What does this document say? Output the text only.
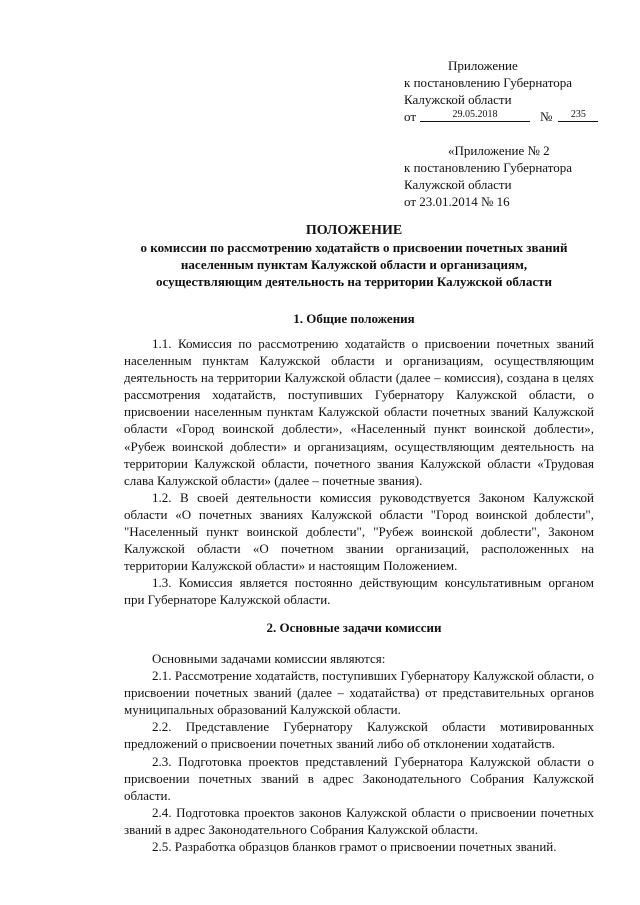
Приложение
к постановлению Губернатора
Калужской области
от	29.05.2018	№	235
«Приложение № 2
к постановлению Губернатора
Калужской области
от 23.01.2014 № 16
ПОЛОЖЕНИЕ
о комиссии по рассмотрению ходатайств о присвоении почетных званий
населенным пунктам Калужской области и организациям,
осуществляющим деятельность на территории Калужской области
1. Общие положения

1.1. Комиссия по рассмотрению ходатайств о присвоении почетных званий населенным пунктам Калужской области и организациям, осуществляющим деятельность на территории Калужской области (далее – комиссия), создана в целях рассмотрения ходатайств, поступивших Губернатору Калужской области, о присвоении населенным пунктам Калужской области почетных званий Калужской области «Город воинской доблести», «Населенный пункт воинской доблести», «Рубеж воинской доблести» и организациям, осуществляющим деятельность на территории Калужской области, почетного звания Калужской области «Трудовая слава Калужской области» (далее – почетные звания).

1.2. В своей деятельности комиссия руководствуется Законом Калужской области «О почетных званиях Калужской области "Город воинской доблести", "Населенный пункт воинской доблести", "Рубеж воинской доблести", Законом Калужской области «О почетном звании организаций, расположенных на территории Калужской области» и настоящим Положением.

1.3. Комиссия является постоянно действующим консультативным органом при Губернаторе Калужской области.

2. Основные задачи комиссии

Основными задачами комиссии являются:

2.1. Рассмотрение ходатайств, поступивших Губернатору Калужской области, о присвоении почетных званий (далее – ходатайства) от представительных органов муниципальных образований Калужской области.

2.2. Представление Губернатору Калужской области мотивированных предложений о присвоении почетных званий либо об отклонении ходатайств.

2.3. Подготовка проектов представлений Губернатора Калужской области о присвоении почетных званий в адрес Законодательного Собрания Калужской области.

2.4. Подготовка проектов законов Калужской области о присвоении почетных званий в адрес Законодательного Собрания Калужской области.

2.5. Разработка образцов бланков грамот о присвоении почетных званий.
